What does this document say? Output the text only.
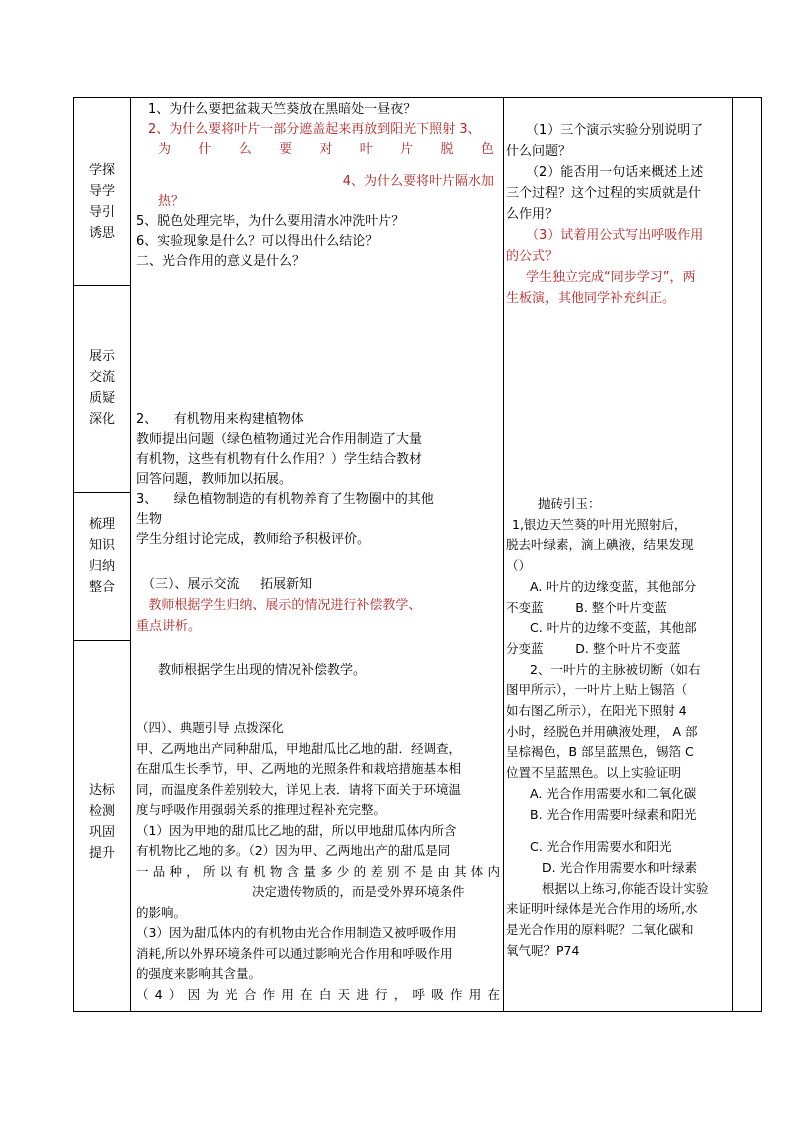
学探

导学

导引

诱思

展示

交流

质疑

深化

梳理

知识

归纳

整合

达标

检测

巩固

提升

1、为什么要把盆栽天竺葵放在黑暗处一昼夜？

2、为什么要将叶片一部分遮盖起来再放到阳光下照射 3、

为 什 么 要 对 叶 片 脱 色

4、为什么要将叶片隔水加

热？

5、脱色处理完毕，为什么要用清水冲洗叶片？

6、实验现象是什么？可以得出什么结论？

二、光合作用的意义是什么？

2、    有机物用来构建植物体

教师提出问题（绿色植物通过光合作用制造了大量

有机物，这些有机物有什么作用？）学生结合教材

回答问题，教师加以拓展。

3、    绿色植物制造的有机物养育了生物圈中的其他

生物

学生分组讨论完成，教师给予积极评价。

（三）、展示交流     拓展新知

教师根据学生归纳、展示的情况进行补偿教学、

重点讲析。

教师根据学生出现的情况补偿教学。

（四）、典题引导 点拨深化

甲、乙两地出产同种甜瓜，甲地甜瓜比乙地的甜．经调查，

在甜瓜生长季节，甲、乙两地的光照条件和栽培措施基本相

同，而温度条件差别较大，详见上表．请将下面关于环境温

度与呼吸作用强弱关系的推理过程补充完整。

（1）因为甲地的甜瓜比乙地的甜，所以甲地甜瓜体内所含

有机物比乙地的多。（2）因为甲、乙两地出产的甜瓜是同

一品种，所以有机物含量多少的差别不是由其体内

决定遗传物质的，而是受外界环境条件

的影响。

（3）因为甜瓜体内的有机物由光合作用制造又被呼吸作用

消耗,所以外界环境条件可以通过影响光合作用和呼吸作用

的强度来影响其含量。

（4）因为光合作用在白天进行，呼吸作用在

（1）三个演示实验分别说明了

什么问题？

（2）能否用一句话来概述上述

三个过程？这个过程的实质就是什

么作用？

（3）试着用公式写出呼吸作用

的公式？

学生独立完成“同步学习”，两

生板演，其他同学补充纠正。

抛砖引玉：

1,银边天竺葵的叶用光照射后，

脱去叶绿素，滴上碘液，结果发现

（）

A. 叶片的边缘变蓝，其他部分

不变蓝        B. 整个叶片变蓝

C. 叶片的边缘不变蓝，其他部

分变蓝        D. 整个叶片不变蓝

2、一叶片的主脉被切断（如右

图甲所示），一叶片上贴上锡箔（

如右图乙所示），在阳光下照射 4

小时，经脱色并用碘液处理， A 部

呈棕褐色，B 部呈蓝黑色，锡箔 C

位置不呈蓝黑色。以上实验证明

A. 光合作用需要水和二氧化碳

B. 光合作用需要叶绿素和阳光

C. 光合作用需要水和阳光

D. 光合作用需要水和叶绿素

根据以上练习,你能否设计实验

来证明叶绿体是光合作用的场所,水

是光合作用的原料呢？二氧化碳和

氧气呢？P74
